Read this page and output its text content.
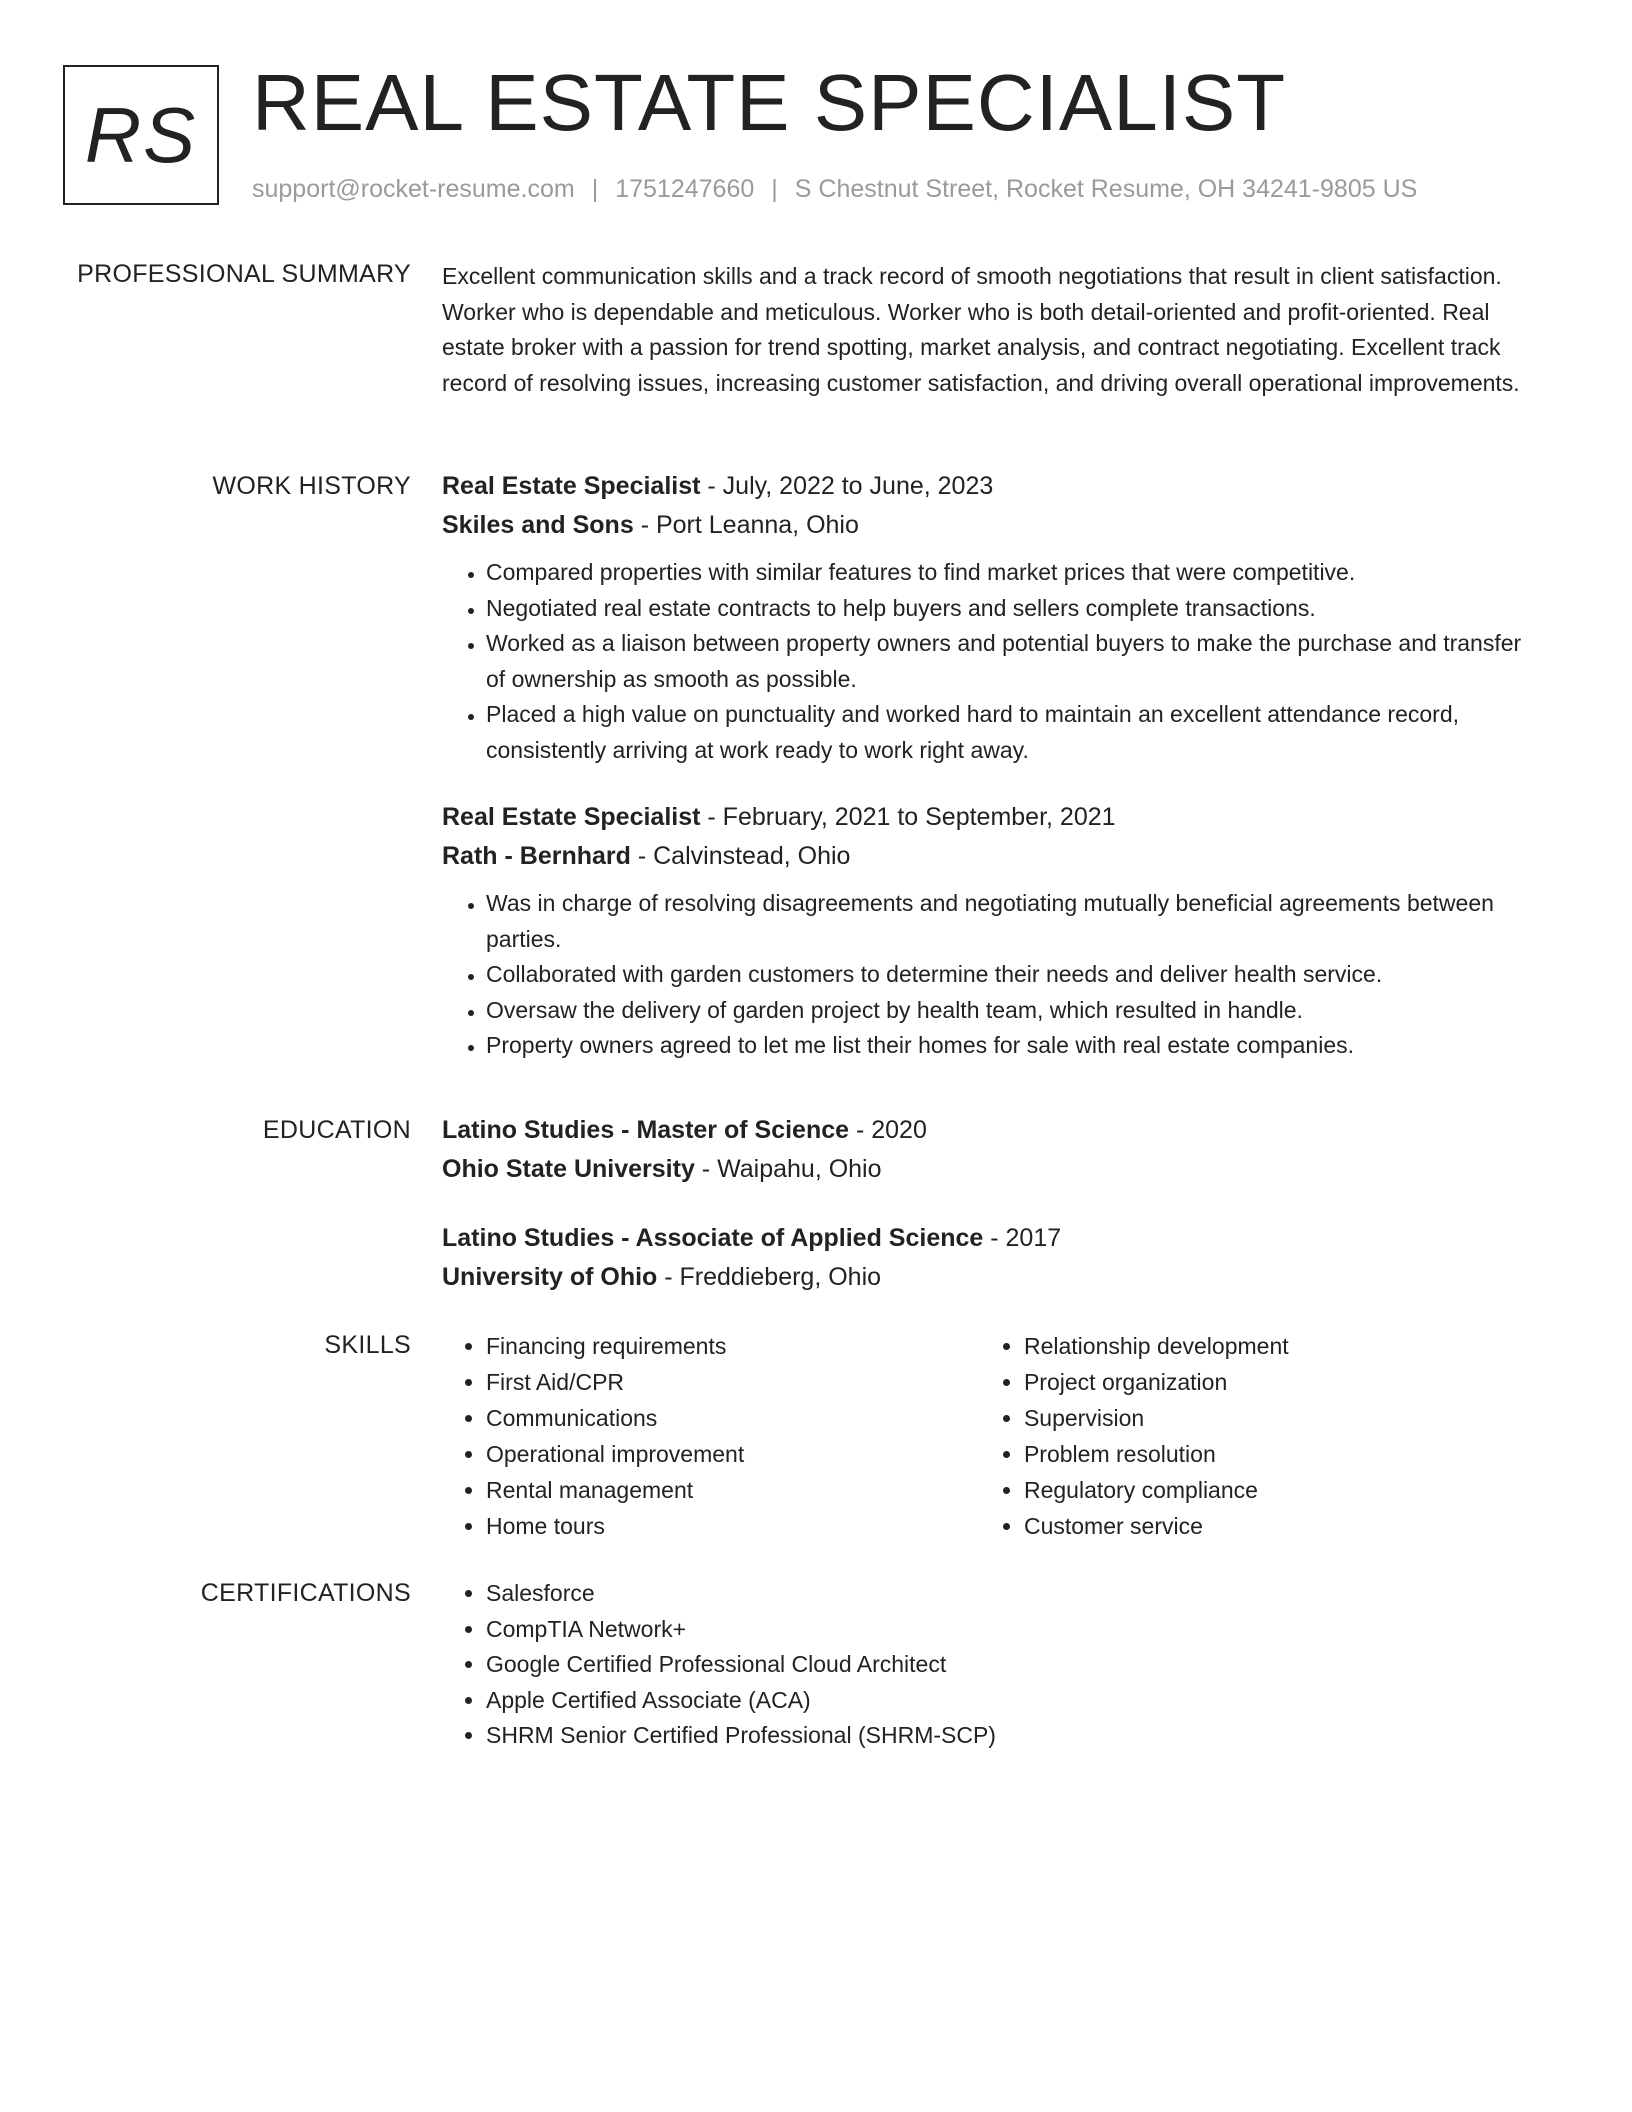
RS REAL ESTATE SPECIALIST
support@rocket-resume.com | 1751247660 | S Chestnut Street, Rocket Resume, OH 34241-9805 US
PROFESSIONAL SUMMARY Excellent communication skills and a track record of smooth negotiations that result in client satisfaction. Worker who is dependable and meticulous. Worker who is both detail-oriented and profit-oriented. Real estate broker with a passion for trend spotting, market analysis, and contract negotiating. Excellent track record of resolving issues, increasing customer satisfaction, and driving overall operational improvements.

WORK HISTORY Real Estate Specialist - July, 2022 to June, 2023
Skiles and Sons - Port Leanna, Ohio
• Compared properties with similar features to find market prices that were competitive.
• Negotiated real estate contracts to help buyers and sellers complete transactions.
• Worked as a liaison between property owners and potential buyers to make the purchase and transfer of ownership as smooth as possible.
• Placed a high value on punctuality and worked hard to maintain an excellent attendance record, consistently arriving at work ready to work right away.
Real Estate Specialist - February, 2021 to September, 2021
Rath - Bernhard - Calvinstead, Ohio
• Was in charge of resolving disagreements and negotiating mutually beneficial agreements between parties.
• Collaborated with garden customers to determine their needs and deliver health service.
• Oversaw the delivery of garden project by health team, which resulted in handle.
• Property owners agreed to let me list their homes for sale with real estate companies.
EDUCATION Latino Studies - Master of Science - 2020
Ohio State University - Waipahu, Ohio
Latino Studies - Associate of Applied Science - 2017
University of Ohio - Freddieberg, Ohio
SKILLS	• Financing requirements
• First Aid/CPR
• Communications
• Operational improvement
• Rental management
• Home tours
• Relationship development
• Project organization
• Supervision
• Problem resolution
• Regulatory compliance
• Customer service
CERTIFICATIONS	• Salesforce
• CompTIA Network+
• Google Certified Professional Cloud Architect
• Apple Certified Associate (ACA)
• SHRM Senior Certified Professional (SHRM-SCP)
